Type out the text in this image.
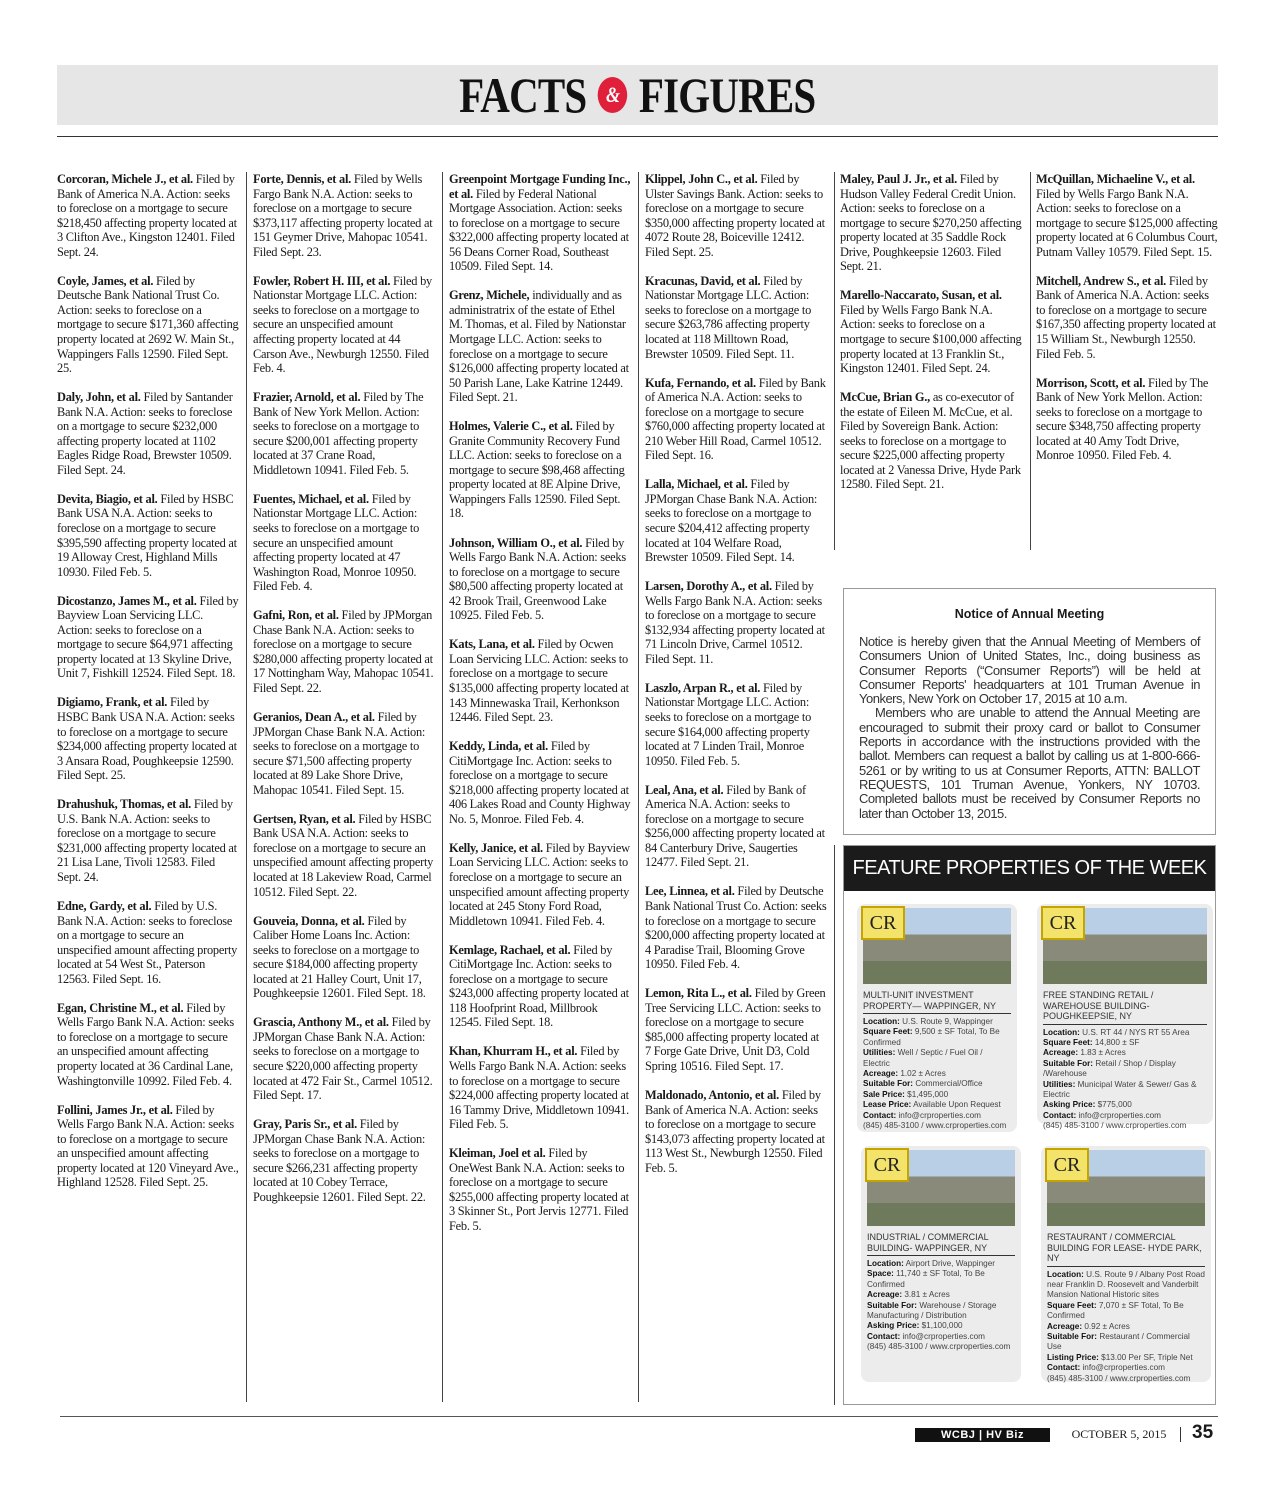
FACTS & FIGURES

Corcoran, Michele J., et al. Filed by Bank of America N.A. Action: seeks to foreclose on a mortgage to secure $218,450 affecting property located at 3 Clifton Ave., Kingston 12401. Filed Sept. 24.

Coyle, James, et al. Filed by Deutsche Bank National Trust Co. Action: seeks to foreclose on a mortgage to secure $171,360 affecting property located at 2692 W. Main St., Wappingers Falls 12590. Filed Sept. 25.

Daly, John, et al. Filed by Santander Bank N.A. Action: seeks to foreclose on a mortgage to secure $232,000 affecting property located at 1102 Eagles Ridge Road, Brewster 10509. Filed Sept. 24.

Devita, Biagio, et al. Filed by HSBC Bank USA N.A. Action: seeks to foreclose on a mortgage to secure $395,590 affecting property located at 19 Alloway Crest, Highland Mills 10930. Filed Feb. 5.

Dicostanzo, James M., et al. Filed by Bayview Loan Servicing LLC. Action: seeks to foreclose on a mortgage to secure $64,971 affecting property located at 13 Skyline Drive, Unit 7, Fishkill 12524. Filed Sept. 18.

Digiamo, Frank, et al. Filed by HSBC Bank USA N.A. Action: seeks to foreclose on a mortgage to secure $234,000 affecting property located at 3 Ansara Road, Poughkeepsie 12590. Filed Sept. 25.

Drahushuk, Thomas, et al. Filed by U.S. Bank N.A. Action: seeks to foreclose on a mortgage to secure $231,000 affecting property located at 21 Lisa Lane, Tivoli 12583. Filed Sept. 24.

Edne, Gardy, et al. Filed by U.S. Bank N.A. Action: seeks to foreclose on a mortgage to secure an unspecified amount affecting property located at 54 West St., Paterson 12563. Filed Sept. 16.

Egan, Christine M., et al. Filed by Wells Fargo Bank N.A. Action: seeks to foreclose on a mortgage to secure an unspecified amount affecting property located at 36 Cardinal Lane, Washingtonville 10992. Filed Feb. 4.

Follini, James Jr., et al. Filed by Wells Fargo Bank N.A. Action: seeks to foreclose on a mortgage to secure an unspecified amount affecting property located at 120 Vineyard Ave., Highland 12528. Filed Sept. 25.

Forte, Dennis, et al. Filed by Wells Fargo Bank N.A. Action: seeks to foreclose on a mortgage to secure $373,117 affecting property located at 151 Geymer Drive, Mahopac 10541. Filed Sept. 23.

Fowler, Robert H. III, et al. Filed by Nationstar Mortgage LLC. Action: seeks to foreclose on a mortgage to secure an unspecified amount affecting property located at 44 Carson Ave., Newburgh 12550. Filed Feb. 4.

Frazier, Arnold, et al. Filed by The Bank of New York Mellon. Action: seeks to foreclose on a mortgage to secure $200,001 affecting property located at 37 Crane Road, Middletown 10941. Filed Feb. 5.

Fuentes, Michael, et al. Filed by Nationstar Mortgage LLC. Action: seeks to foreclose on a mortgage to secure an unspecified amount affecting property located at 47 Washington Road, Monroe 10950. Filed Feb. 4.

Gafni, Ron, et al. Filed by JPMorgan Chase Bank N.A. Action: seeks to foreclose on a mortgage to secure $280,000 affecting property located at 17 Nottingham Way, Mahopac 10541. Filed Sept. 22.

Geranios, Dean A., et al. Filed by JPMorgan Chase Bank N.A. Action: seeks to foreclose on a mortgage to secure $71,500 affecting property located at 89 Lake Shore Drive, Mahopac 10541. Filed Sept. 15.

Gertsen, Ryan, et al. Filed by HSBC Bank USA N.A. Action: seeks to foreclose on a mortgage to secure an unspecified amount affecting property located at 18 Lakeview Road, Carmel 10512. Filed Sept. 22.

Gouveia, Donna, et al. Filed by Caliber Home Loans Inc. Action: seeks to foreclose on a mortgage to secure $184,000 affecting property located at 21 Halley Court, Unit 17, Poughkeepsie 12601. Filed Sept. 18.

Grascia, Anthony M., et al. Filed by JPMorgan Chase Bank N.A. Action: seeks to foreclose on a mortgage to secure $220,000 affecting property located at 472 Fair St., Carmel 10512. Filed Sept. 17.

Gray, Paris Sr., et al. Filed by JPMorgan Chase Bank N.A. Action: seeks to foreclose on a mortgage to secure $266,231 affecting property located at 10 Cobey Terrace, Poughkeepsie 12601. Filed Sept. 22.

Greenpoint Mortgage Funding Inc., et al. Filed by Federal National Mortgage Association. Action: seeks to foreclose on a mortgage to secure $322,000 affecting property located at 56 Deans Corner Road, Southeast 10509. Filed Sept. 14.

Grenz, Michele, individually and as administratrix of the estate of Ethel M. Thomas, et al. Filed by Nationstar Mortgage LLC. Action: seeks to foreclose on a mortgage to secure $126,000 affecting property located at 50 Parish Lane, Lake Katrine 12449. Filed Sept. 21.

Holmes, Valerie C., et al. Filed by Granite Community Recovery Fund LLC. Action: seeks to foreclose on a mortgage to secure $98,468 affecting property located at 8E Alpine Drive, Wappingers Falls 12590. Filed Sept. 18.

Johnson, William O., et al. Filed by Wells Fargo Bank N.A. Action: seeks to foreclose on a mortgage to secure $80,500 affecting property located at 42 Brook Trail, Greenwood Lake 10925. Filed Feb. 5.

Kats, Lana, et al. Filed by Ocwen Loan Servicing LLC. Action: seeks to foreclose on a mortgage to secure $135,000 affecting property located at 143 Minnewaska Trail, Kerhonkson 12446. Filed Sept. 23.

Keddy, Linda, et al. Filed by CitiMortgage Inc. Action: seeks to foreclose on a mortgage to secure $218,000 affecting property located at 406 Lakes Road and County Highway No. 5, Monroe. Filed Feb. 4.

Kelly, Janice, et al. Filed by Bayview Loan Servicing LLC. Action: seeks to foreclose on a mortgage to secure an unspecified amount affecting property located at 245 Stony Ford Road, Middletown 10941. Filed Feb. 4.

Kemlage, Rachael, et al. Filed by CitiMortgage Inc. Action: seeks to foreclose on a mortgage to secure $243,000 affecting property located at 118 Hoofprint Road, Millbrook 12545. Filed Sept. 18.

Khan, Khurram H., et al. Filed by Wells Fargo Bank N.A. Action: seeks to foreclose on a mortgage to secure $224,000 affecting property located at 16 Tammy Drive, Middletown 10941. Filed Feb. 5.

Kleiman, Joel et al. Filed by OneWest Bank N.A. Action: seeks to foreclose on a mortgage to secure $255,000 affecting property located at 3 Skinner St., Port Jervis 12771. Filed Feb. 5.

Klippel, John C., et al. Filed by Ulster Savings Bank. Action: seeks to foreclose on a mortgage to secure $350,000 affecting property located at 4072 Route 28, Boiceville 12412. Filed Sept. 25.

Kracunas, David, et al. Filed by Nationstar Mortgage LLC. Action: seeks to foreclose on a mortgage to secure $263,786 affecting property located at 118 Milltown Road, Brewster 10509. Filed Sept. 11.

Kufa, Fernando, et al. Filed by Bank of America N.A. Action: seeks to foreclose on a mortgage to secure $760,000 affecting property located at 210 Weber Hill Road, Carmel 10512. Filed Sept. 16.

Lalla, Michael, et al. Filed by JPMorgan Chase Bank N.A. Action: seeks to foreclose on a mortgage to secure $204,412 affecting property located at 104 Welfare Road, Brewster 10509. Filed Sept. 14.

Larsen, Dorothy A., et al. Filed by Wells Fargo Bank N.A. Action: seeks to foreclose on a mortgage to secure $132,934 affecting property located at 71 Lincoln Drive, Carmel 10512. Filed Sept. 11.

Laszlo, Arpan R., et al. Filed by Nationstar Mortgage LLC. Action: seeks to foreclose on a mortgage to secure $164,000 affecting property located at 7 Linden Trail, Monroe 10950. Filed Feb. 5.

Leal, Ana, et al. Filed by Bank of America N.A. Action: seeks to foreclose on a mortgage to secure $256,000 affecting property located at 84 Canterbury Drive, Saugerties 12477. Filed Sept. 21.

Lee, Linnea, et al. Filed by Deutsche Bank National Trust Co. Action: seeks to foreclose on a mortgage to secure $200,000 affecting property located at 4 Paradise Trail, Blooming Grove 10950. Filed Feb. 4.

Lemon, Rita L., et al. Filed by Green Tree Servicing LLC. Action: seeks to foreclose on a mortgage to secure $85,000 affecting property located at 7 Forge Gate Drive, Unit D3, Cold Spring 10516. Filed Sept. 17.

Maldonado, Antonio, et al. Filed by Bank of America N.A. Action: seeks to foreclose on a mortgage to secure $143,073 affecting property located at 113 West St., Newburgh 12550. Filed Feb. 5.

Maley, Paul J. Jr., et al. Filed by Hudson Valley Federal Credit Union. Action: seeks to foreclose on a mortgage to secure $270,250 affecting property located at 35 Saddle Rock Drive, Poughkeepsie 12603. Filed Sept. 21.

Marello-Naccarato, Susan, et al. Filed by Wells Fargo Bank N.A. Action: seeks to foreclose on a mortgage to secure $100,000 affecting property located at 13 Franklin St., Kingston 12401. Filed Sept. 24.

McCue, Brian G., as co-executor of the estate of Eileen M. McCue, et al. Filed by Sovereign Bank. Action: seeks to foreclose on a mortgage to secure $225,000 affecting property located at 2 Vanessa Drive, Hyde Park 12580. Filed Sept. 21.

McQuillan, Michaeline V., et al. Filed by Wells Fargo Bank N.A. Action: seeks to foreclose on a mortgage to secure $125,000 affecting property located at 6 Columbus Court, Putnam Valley 10579. Filed Sept. 15.

Mitchell, Andrew S., et al. Filed by Bank of America N.A. Action: seeks to foreclose on a mortgage to secure $167,350 affecting property located at 15 William St., Newburgh 12550. Filed Feb. 5.

Morrison, Scott, et al. Filed by The Bank of New York Mellon. Action: seeks to foreclose on a mortgage to secure $348,750 affecting property located at 40 Amy Todt Drive, Monroe 10950. Filed Feb. 4.

Notice of Annual Meeting

Notice is hereby given that the Annual Meeting of Members of Consumers Union of United States, Inc., doing business as Consumer Reports (“Consumer Reports”) will be held at Consumer Reports' headquarters at 101 Truman Avenue in Yonkers, New York on October 17, 2015 at 10 a.m.

Members who are unable to attend the Annual Meeting are encouraged to submit their proxy card or ballot to Consumer Reports in accordance with the instructions provided with the ballot. Members can request a ballot by calling us at 1-800-666-5261 or by writing to us at Consumer Reports, ATTN: BALLOT REQUESTS, 101 Truman Avenue, Yonkers, NY 10703. Completed ballots must be received by Consumer Reports no later than October 13, 2015.

FEATURE PROPERTIES OF THE WEEK
CR
MULTI-UNIT INVESTMENT PROPERTY— WAPPINGER, NY
Location: U.S. Route 9, Wappinger
Square Feet: 9,500 ± SF Total, To Be Confirmed
Utilities: Well / Septic / Fuel Oil / Electric
Acreage: 1.02 ± Acres
Suitable For: Commercial/Office
Sale Price: $1,495,000
Lease Price: Available Upon Request
Contact: info@crproperties.com
(845) 485-3100 / www.crproperties.com
CR
FREE STANDING RETAIL / WAREHOUSE BUILDING- POUGHKEEPSIE, NY
Location: U.S. RT 44 / NYS RT 55 Area
Square Feet: 14,800 ± SF
Acreage: 1.83 ± Acres
Suitable For: Retail / Shop / Display /Warehouse
Utilities: Municipal Water & Sewer/ Gas & Electric
Asking Price: $775,000
Contact: info@crproperties.com
(845) 485-3100 / www.crproperties.com
CR
INDUSTRIAL / COMMERCIAL BUILDING- WAPPINGER, NY
Location: Airport Drive, Wappinger
Space: 11,740 ± SF Total, To Be Confirmed
Acreage: 3.81 ± Acres
Suitable For: Warehouse / Storage Manufacturing / Distribution
Asking Price: $1,100,000
Contact: info@crproperties.com
(845) 485-3100 / www.crproperties.com
CR
RESTAURANT / COMMERCIAL BUILDING FOR LEASE- HYDE PARK, NY
Location: U.S. Route 9 / Albany Post Road near Franklin D. Roosevelt and Vanderbilt Mansion National Historic sites
Square Feet: 7,070 ± SF Total, To Be Confirmed
Acreage: 0.92 ± Acres
Suitable For: Restaurant / Commercial Use
Listing Price: $13.00 Per SF, Triple Net
Contact: info@crproperties.com
(845) 485-3100 / www.crproperties.com
WCBJ | HV Biz	OCTOBER 5, 2015	35
